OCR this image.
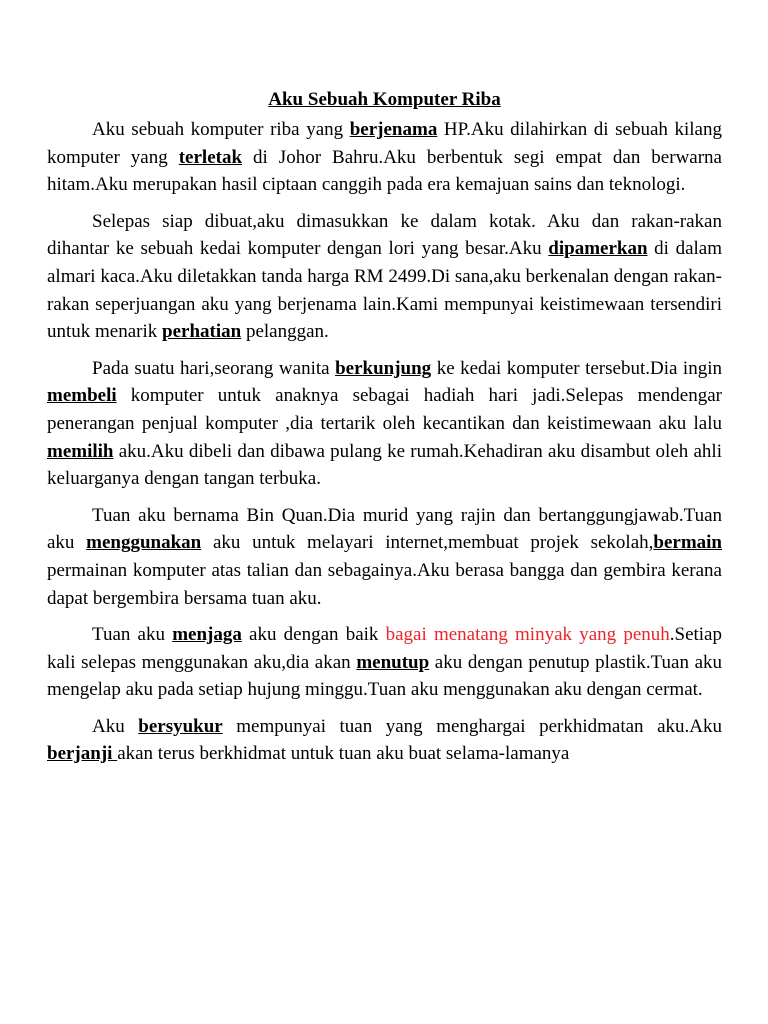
Aku Sebuah Komputer Riba

Aku sebuah komputer riba yang berjenama HP.Aku dilahirkan di sebuah kilang komputer yang terletak di Johor Bahru.Aku berbentuk segi empat dan berwarna hitam.Aku merupakan hasil ciptaan canggih pada era kemajuan sains dan teknologi.

Selepas siap dibuat,aku dimasukkan ke dalam kotak. Aku dan rakan-rakan dihantar ke sebuah kedai komputer dengan lori yang besar.Aku dipamerkan di dalam almari kaca.Aku diletakkan tanda harga RM 2499.Di sana,aku berkenalan dengan rakan-rakan seperjuangan aku yang berjenama lain.Kami mempunyai keistimewaan tersendiri untuk menarik perhatian pelanggan.

Pada suatu hari,seorang wanita berkunjung ke kedai komputer tersebut.Dia ingin membeli komputer untuk anaknya sebagai hadiah hari jadi.Selepas mendengar penerangan penjual komputer ,dia tertarik oleh kecantikan dan keistimewaan aku lalu memilih aku.Aku dibeli dan dibawa pulang ke rumah.Kehadiran aku disambut oleh ahli keluarganya dengan tangan terbuka.

Tuan aku bernama Bin Quan.Dia murid yang rajin dan bertanggungjawab.Tuan aku menggunakan aku untuk melayari internet,membuat projek sekolah,bermain permainan komputer atas talian dan sebagainya.Aku berasa bangga dan gembira kerana dapat bergembira bersama tuan aku.

Tuan aku menjaga aku dengan baik bagai menatang minyak yang penuh.Setiap kali selepas menggunakan aku,dia akan menutup aku dengan penutup plastik.Tuan aku mengelap aku pada setiap hujung minggu.Tuan aku menggunakan aku dengan cermat.

Aku bersyukur mempunyai tuan yang menghargai perkhidmatan aku.Aku berjanji akan terus berkhidmat untuk tuan aku buat selama-lamanya
